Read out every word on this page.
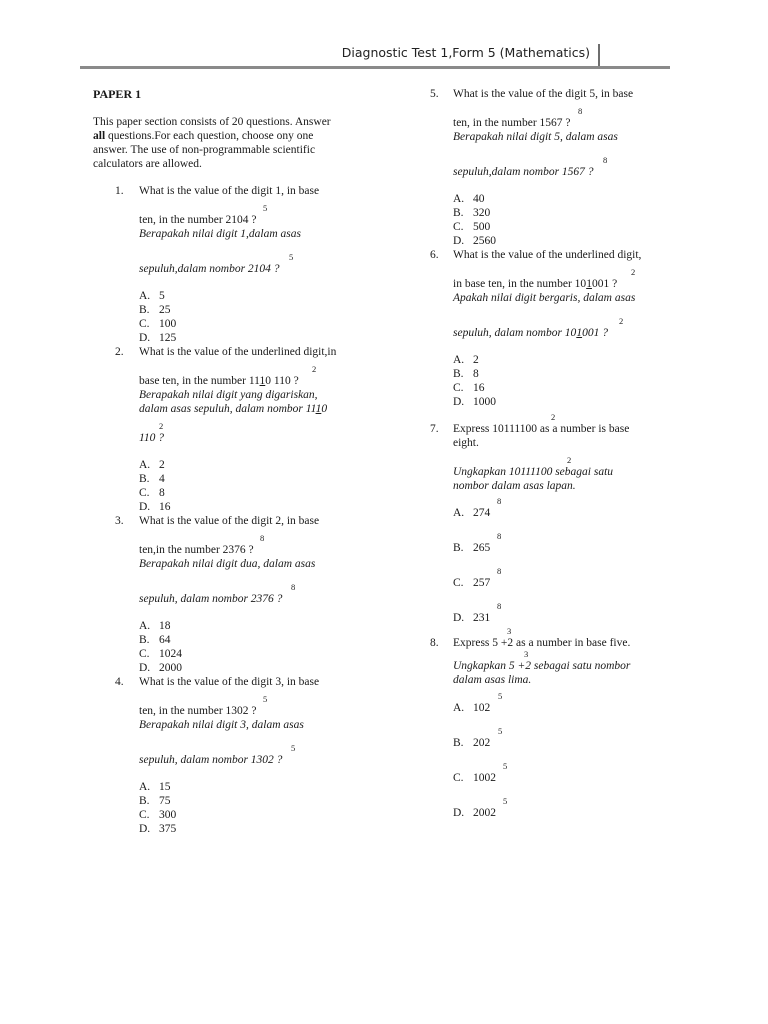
Diagnostic Test 1,Form 5 (Mathematics)
PAPER 1
This paper section consists of 20 questions. Answer
all questions.For each question, choose ony one
answer. The use of non-programmable scientific
calculators are allowed.
1. What is the value of the digit 1, in base
5
ten, in the number 2104 ?
Berapakah nilai digit 1,dalam asas
5
sepuluh,dalam nombor 2104 ?
A. 5
B. 25
C. 100
D. 125
2. What is the value of the underlined digit,in
2
base ten, in the number 1110 110 ?
Berapakah nilai digit yang digariskan,
dalam asas sepuluh, dalam nombor 1110
2
110 ?
A. 2
B. 4
C. 8
D. 16
3. What is the value of the digit 2, in base
8
ten,in the number 2376 ?
Berapakah nilai digit dua, dalam asas
8
sepuluh, dalam nombor 2376 ?
A. 18
B. 64
C. 1024
D. 2000
4. What is the value of the digit 3, in base
5
ten, in the number 1302 ?
Berapakah nilai digit 3, dalam asas
5
sepuluh, dalam nombor 1302 ?
A. 15
B. 75
C. 300
D. 375
5. What is the value of the digit 5, in base
8
ten, in the number 1567 ?
Berapakah nilai digit 5, dalam asas
8
sepuluh,dalam nombor 1567 ?
A. 40
B. 320
C. 500
D. 2560
6. What is the value of the underlined digit,
2
in base ten, in the number 101001 ?
Apakah nilai digit bergaris, dalam asas
2
sepuluh, dalam nombor 101001 ?
A. 2
B. 8
C. 16
D. 1000
2
7. Express 10111100 as a number is base
eight.
2
Ungkapkan 10111100 sebagai satu
nombor dalam asas lapan.
8
A. 274
8
B. 265
8
C. 257
8
D. 231
3
8. Express 5 +2 as a number in base five.
3
Ungkapkan 5 +2 sebagai satu nombor
dalam asas lima.
5
A. 102
5
B. 202
5
C. 1002
5
D. 2002
